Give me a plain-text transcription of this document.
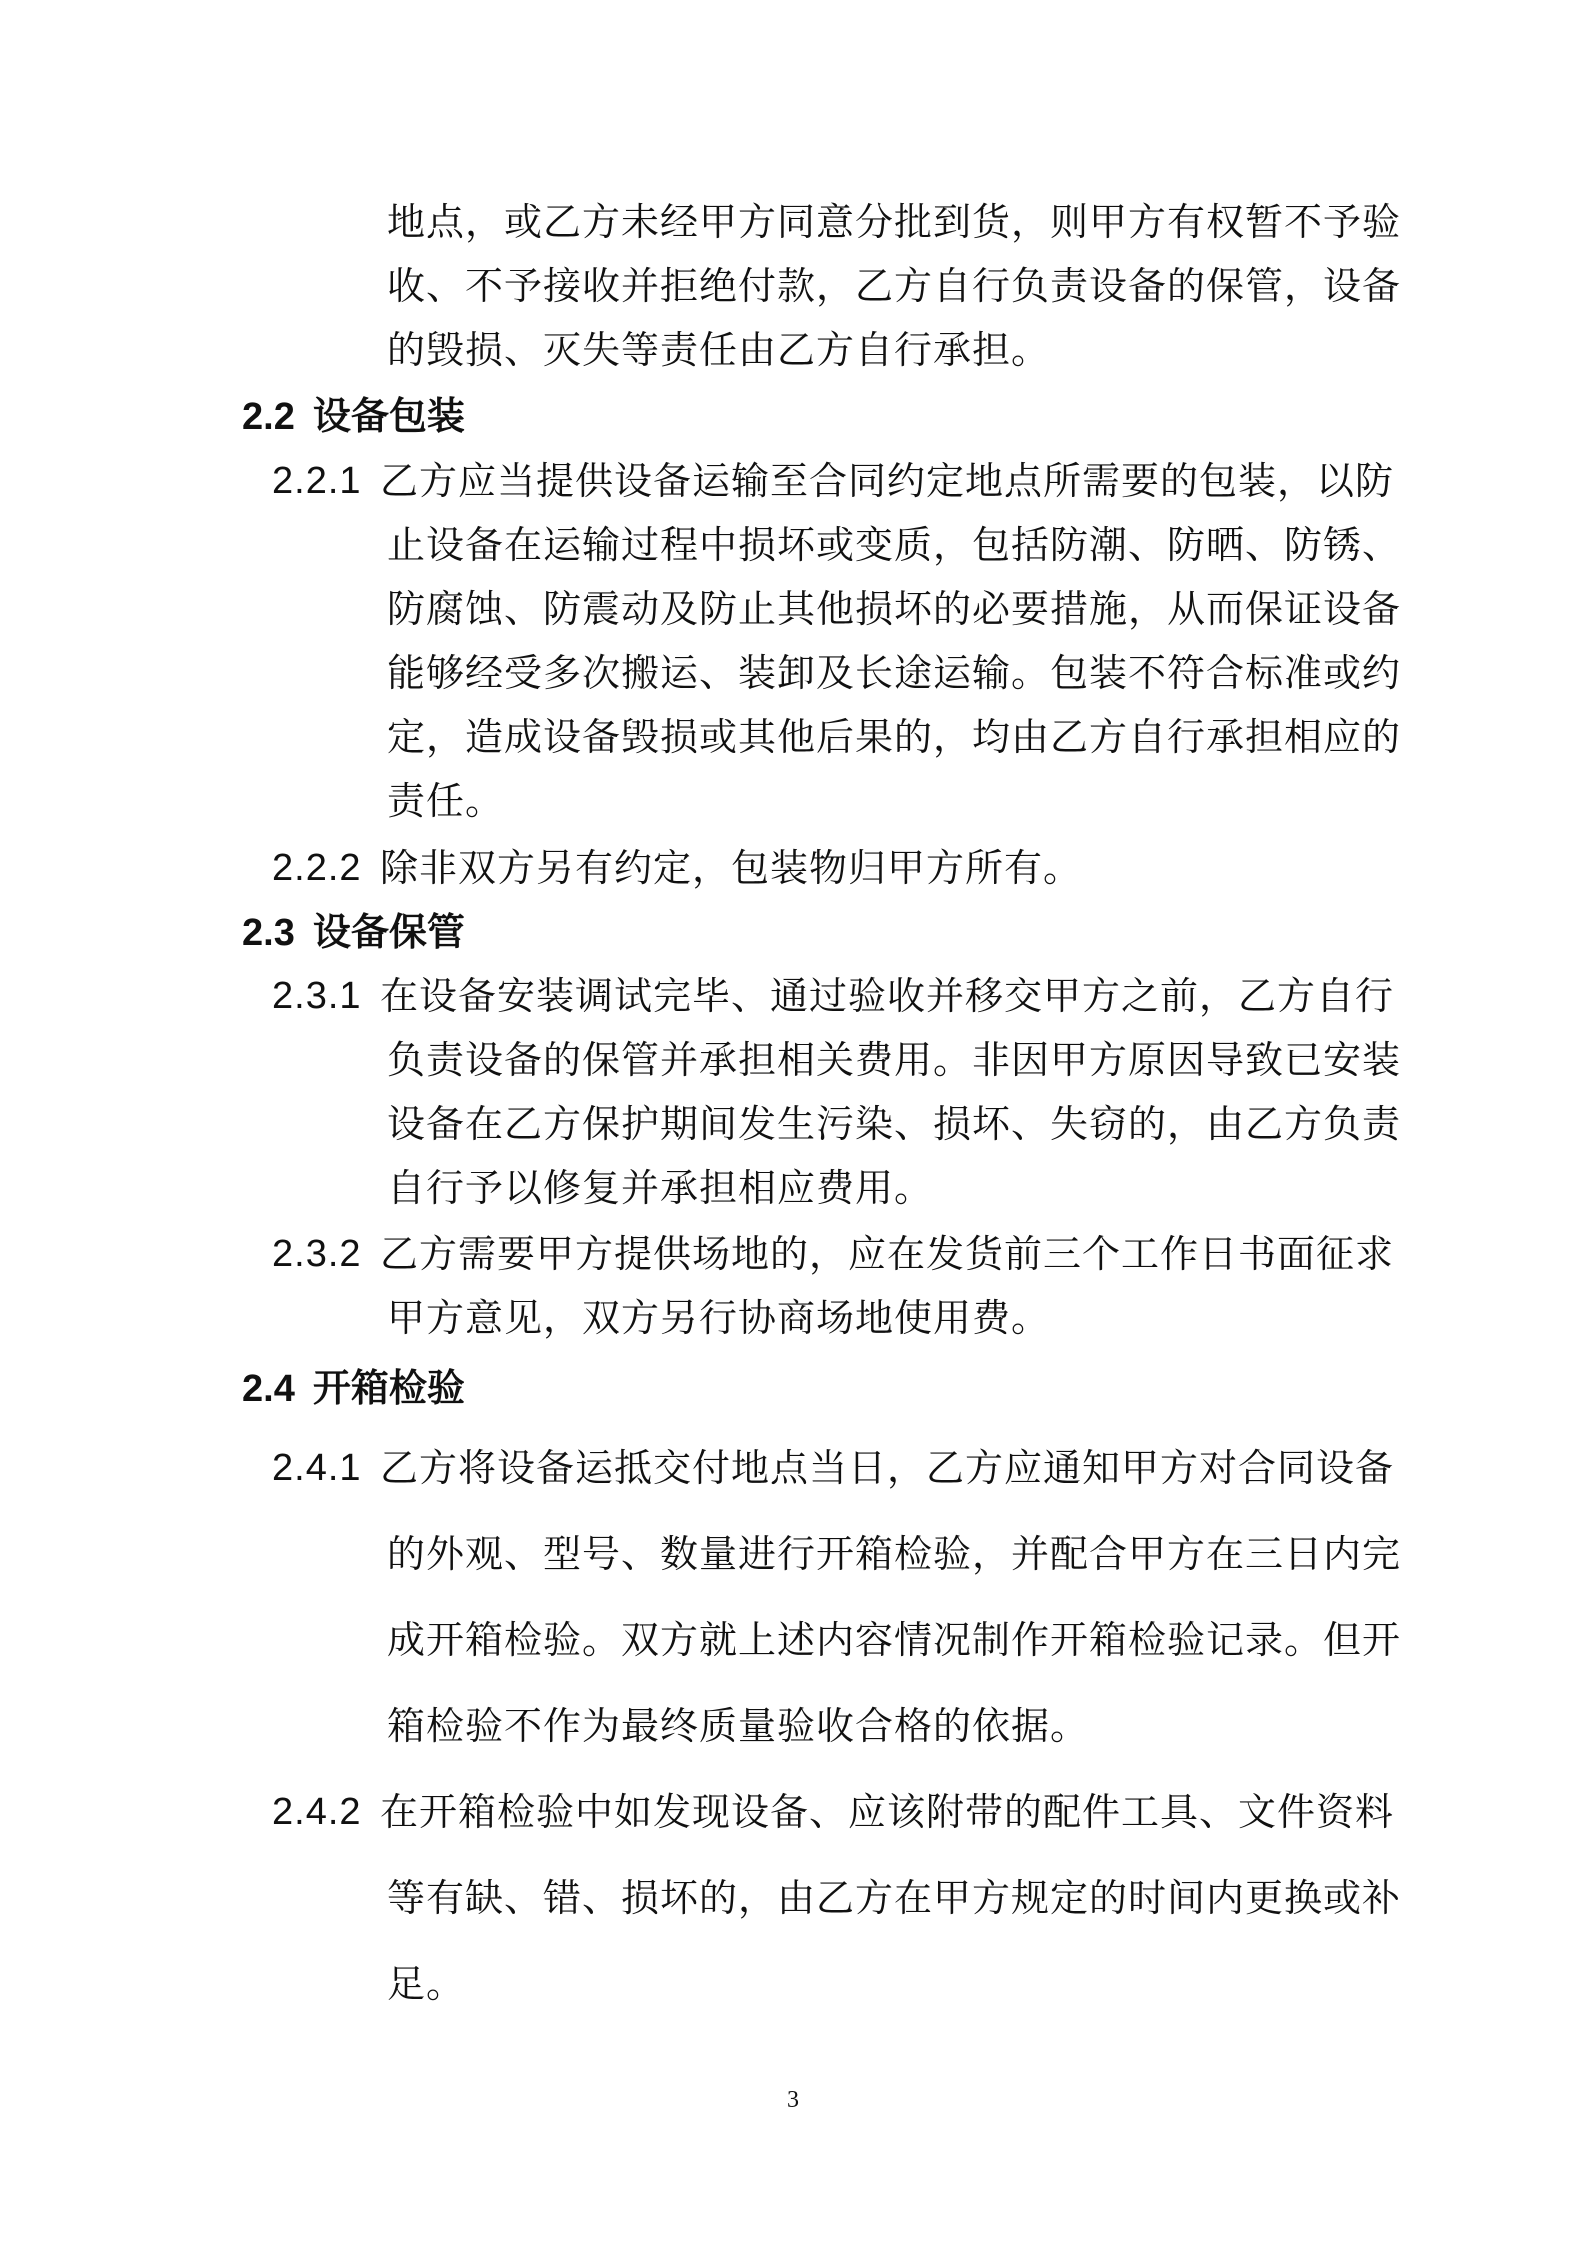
地点，或乙方未经甲方同意分批到货，则甲方有权暂不予验
收、不予接收并拒绝付款，乙方自行负责设备的保管，设备
的毁损、灭失等责任由乙方自行承担。
2.2 设备包装
2.2.1 乙方应当提供设备运输至合同约定地点所需要的包装，以防
止设备在运输过程中损坏或变质，包括防潮、防晒、防锈、
防腐蚀、防震动及防止其他损坏的必要措施，从而保证设备
能够经受多次搬运、装卸及长途运输。包装不符合标准或约
定，造成设备毁损或其他后果的，均由乙方自行承担相应的
责任。
2.2.2 除非双方另有约定，包装物归甲方所有。
2.3 设备保管
2.3.1 在设备安装调试完毕、通过验收并移交甲方之前，乙方自行
负责设备的保管并承担相关费用。非因甲方原因导致已安装
设备在乙方保护期间发生污染、损坏、失窃的，由乙方负责
自行予以修复并承担相应费用。
2.3.2 乙方需要甲方提供场地的，应在发货前三个工作日书面征求
甲方意见，双方另行协商场地使用费。
2.4 开箱检验
2.4.1 乙方将设备运抵交付地点当日，乙方应通知甲方对合同设备
的外观、型号、数量进行开箱检验，并配合甲方在三日内完
成开箱检验。双方就上述内容情况制作开箱检验记录。但开
箱检验不作为最终质量验收合格的依据。
2.4.2 在开箱检验中如发现设备、应该附带的配件工具、文件资料
等有缺、错、损坏的，由乙方在甲方规定的时间内更换或补
足。
3
